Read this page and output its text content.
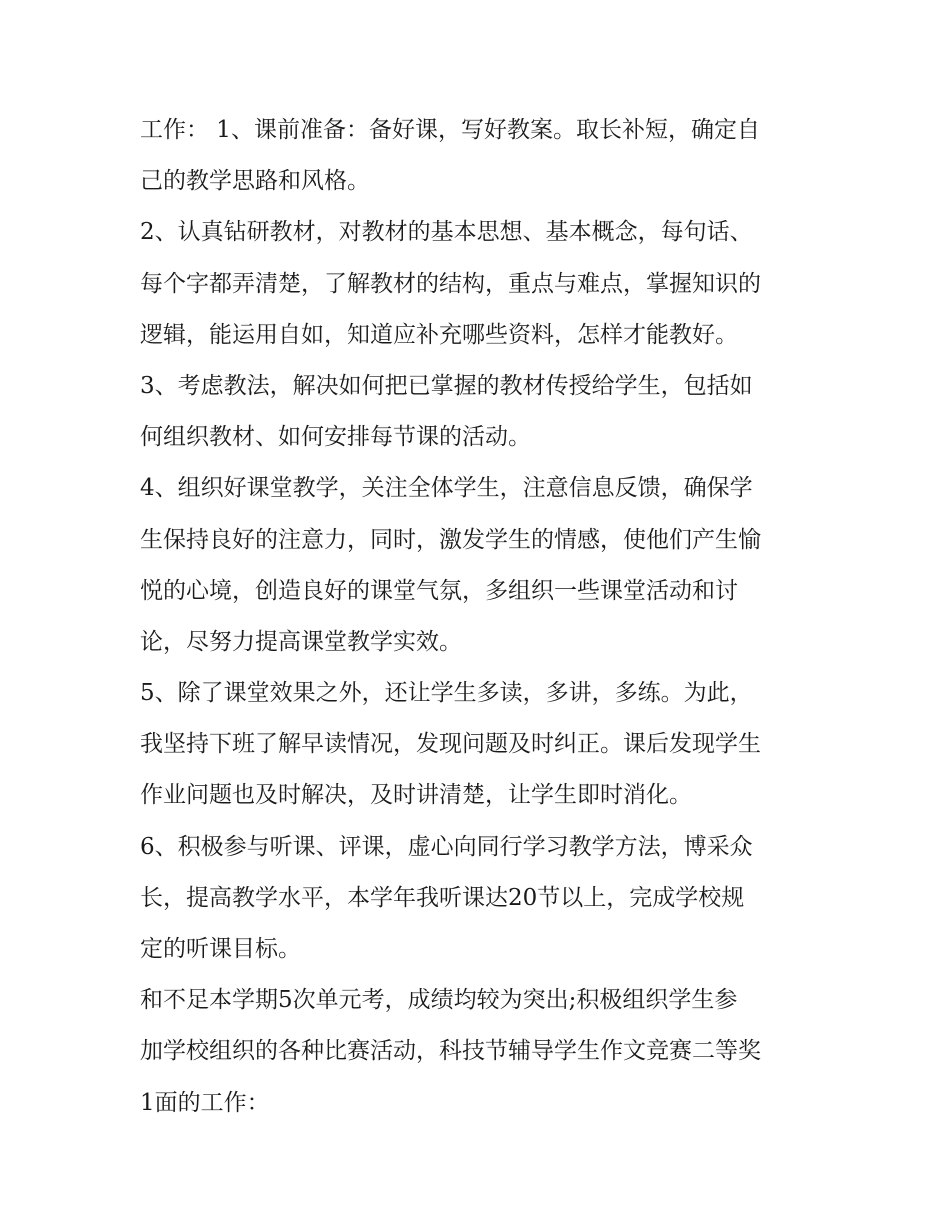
工作： 1、课前准备：备好课，写好教案。取长补短，确定自
己的教学思路和风格。
2、认真钻研教材，对教材的基本思想、基本概念，每句话、
每个字都弄清楚，了解教材的结构，重点与难点，掌握知识的
逻辑，能运用自如，知道应补充哪些资料，怎样才能教好。
3、考虑教法，解决如何把已掌握的教材传授给学生，包括如
何组织教材、如何安排每节课的活动。
4、组织好课堂教学，关注全体学生，注意信息反馈，确保学
生保持良好的注意力，同时，激发学生的情感，使他们产生愉
悦的心境，创造良好的课堂气氛，多组织一些课堂活动和讨
论，尽努力提高课堂教学实效。
5、除了课堂效果之外，还让学生多读，多讲，多练。为此，
我坚持下班了解早读情况，发现问题及时纠正。课后发现学生
作业问题也及时解决，及时讲清楚，让学生即时消化。
6、积极参与听课、评课，虚心向同行学习教学方法，博采众
长，提高教学水平，本学年我听课达20节以上，完成学校规
定的听课目标。
和不足本学期5次单元考，成绩均较为突出;积极组织学生参
加学校组织的各种比赛活动，科技节辅导学生作文竞赛二等奖
1面的工作：
